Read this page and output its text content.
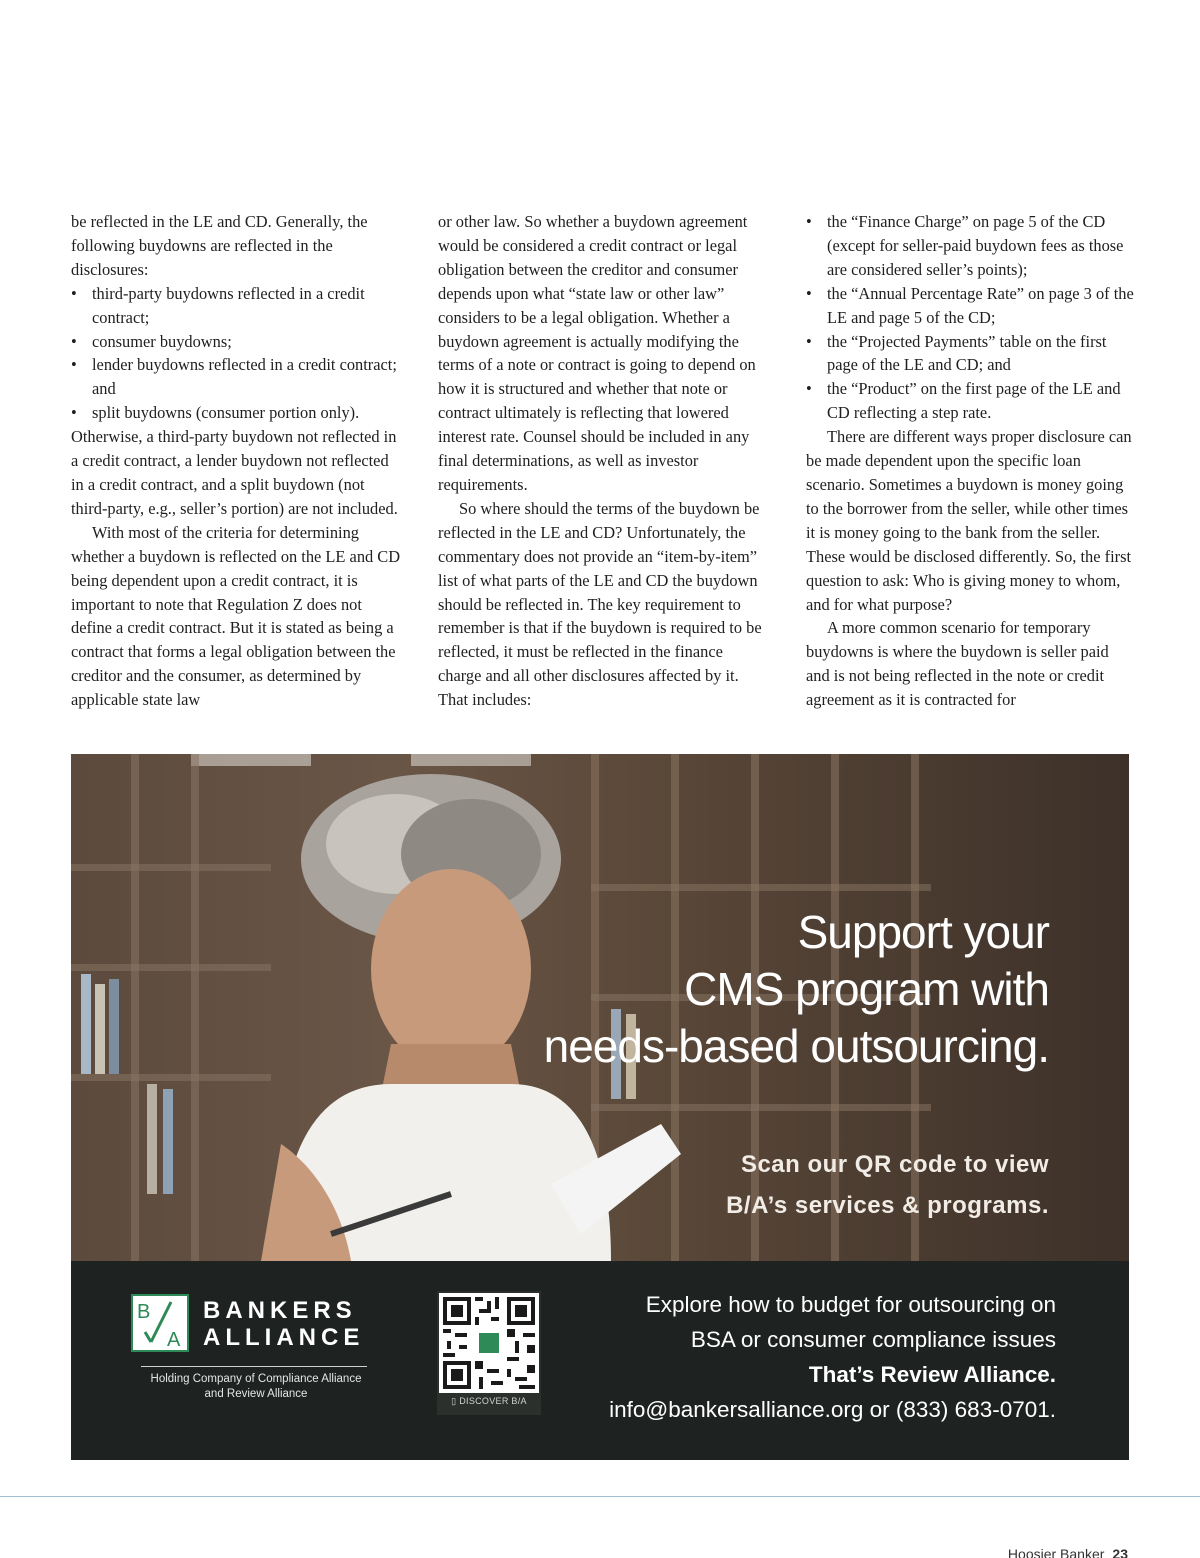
be reflected in the LE and CD. Generally, the following buydowns are reflected in the disclosures:

• third-party buydowns reflected in a credit contract;
• consumer buydowns;
• lender buydowns reflected in a credit contract; and
• split buydowns (consumer portion only).

Otherwise, a third-party buydown not reflected in a credit contract, a lender buydown not reflected in a credit contract, and a split buydown (not third-party, e.g., seller’s portion) are not included.

With most of the criteria for determining whether a buydown is reflected on the LE and CD being dependent upon a credit contract, it is important to note that Regulation Z does not define a credit contract. But it is stated as being a contract that forms a legal obligation between the creditor and the consumer, as determined by applicable state law

or other law. So whether a buydown agreement would be considered a credit contract or legal obligation between the creditor and consumer depends upon what “state law or other law” considers to be a legal obligation. Whether a buydown agreement is actually modifying the terms of a note or contract is going to depend on how it is structured and whether that note or contract ultimately is reflecting that lowered interest rate. Counsel should be included in any final determinations, as well as investor requirements.

So where should the terms of the buydown be reflected in the LE and CD? Unfortunately, the commentary does not provide an “item-by-item” list of what parts of the LE and CD the buydown should be reflected in. The key requirement to remember is that if the buydown is required to be reflected, it must be reflected in the finance charge and all other disclosures affected by it. That includes:

• the “Finance Charge” on page 5 of the CD (except for seller-paid buydown fees as those are considered seller’s points);
• the “Annual Percentage Rate” on page 3 of the LE and page 5 of the CD;
• the “Projected Payments” table on the first page of the LE and CD; and
• the “Product” on the first page of the LE and CD reflecting a step rate.

There are different ways proper disclosure can be made dependent upon the specific loan scenario. Sometimes a buydown is money going to the borrower from the seller, while other times it is money going to the bank from the seller. These would be disclosed differently. So, the first question to ask: Who is giving money to whom, and for what purpose?

A more common scenario for temporary buydowns is where the buydown is seller paid and is not being reflected in the note or credit agreement as it is contracted for

Support your
CMS program with
needs-based outsourcing.
Scan our QR code to view
B/A’s services & programs.
B
A
BANKERS
ALLIANCE
Holding Company of Compliance Alliance
and Review Alliance
▯ DISCOVER B/A
Explore how to budget for outsourcing on
BSA or consumer compliance issues
That’s Review Alliance.
info@bankersalliance.org or (833) 683-0701.
Hoosier Banker 23
